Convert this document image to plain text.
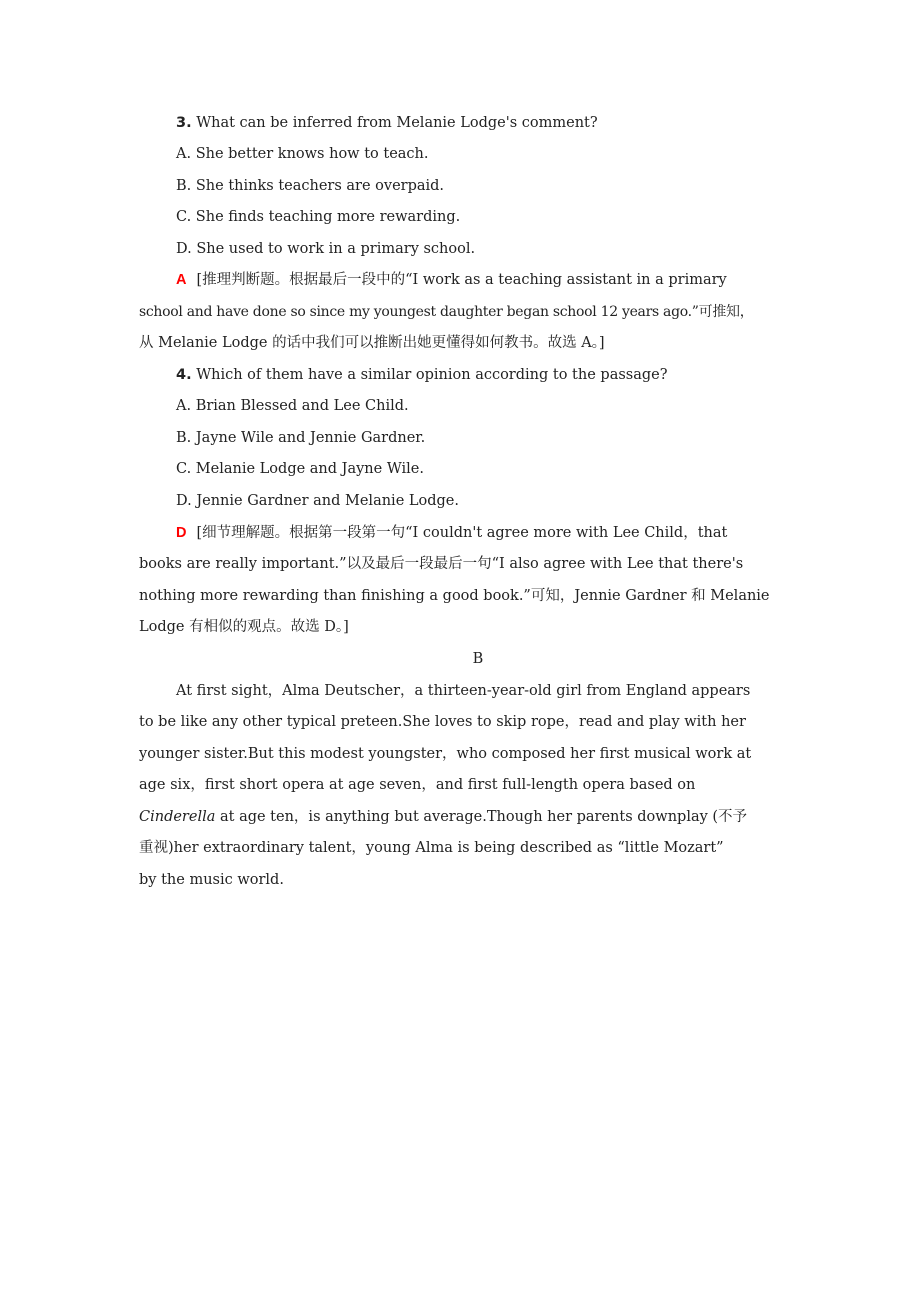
3. What can be inferred from Melanie Lodge's comment?
A. She better knows how to teach.
B. She thinks teachers are overpaid.
C. She finds teaching more rewarding.
D. She used to work in a primary school.
A [推理判断题。根据最后一段中的“I work as a teaching assistant in a primary
school and have done so since my youngest daughter began school 12 years ago.”可推知，
从 Melanie Lodge 的话中我们可以推断出她更懂得如何教书。故选 A。]
4. Which of them have a similar opinion according to the passage?
A. Brian Blessed and Lee Child.
B. Jayne Wile and Jennie Gardner.
C. Melanie Lodge and Jayne Wile.
D. Jennie Gardner and Melanie Lodge.
D [细节理解题。根据第一段第一句“I couldn't agree more with Lee Child，that
books are really important.”以及最后一段最后一句“I also agree with Lee that there's
nothing more rewarding than finishing a good book.”可知，Jennie Gardner 和 Melanie
Lodge 有相似的观点。故选 D。]
B
At first sight，Alma Deutscher，a thirteen-year-old girl from England appears
to be like any other typical preteen.She loves to skip rope，read and play with her
younger sister.But this modest youngster，who composed her first musical work at
age six，first short opera at age seven，and first full-length opera based on
Cinderella at age ten，is anything but average.Though her parents downplay (不予
重视)her extraordinary talent，young Alma is being described as “little Mozart”
by the music world.
